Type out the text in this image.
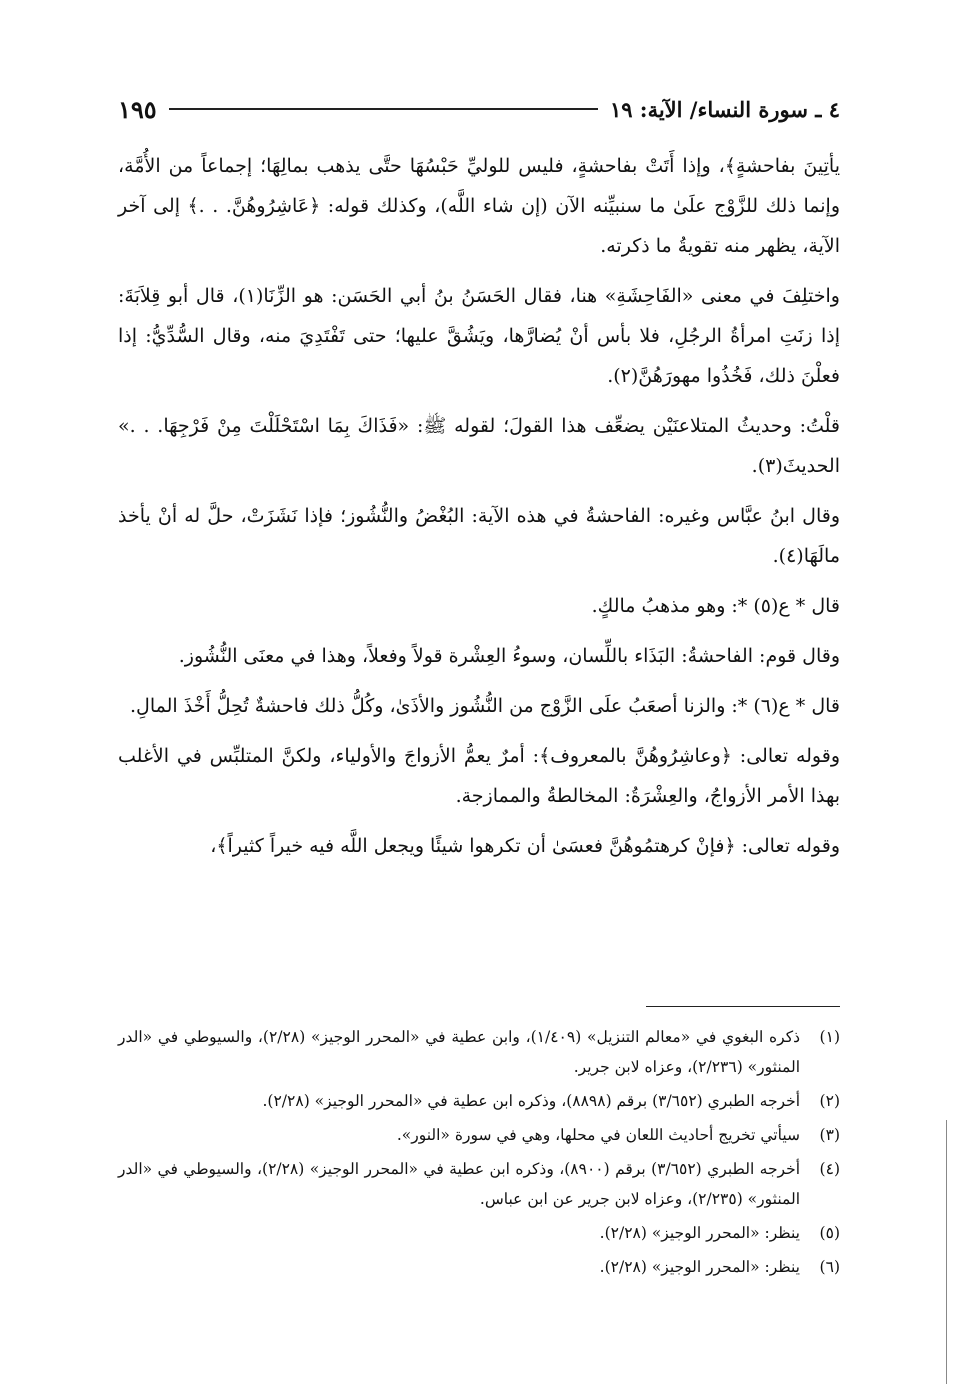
١٩٥	٤ ـ سورة النساء/ الآية: ١٩

يأتِينَ بفاحشةٍ﴾، وإذا أَتَتْ بفاحشةٍ، فليس للوليِّ حَبْسُهَا حتَّى يذهب بمالِهَا؛ إجماعاً من الأُمَّة، وإنما ذلك للزَّوْج علَىٰ ما سنبيِّنه الآن (إن شاء اللَّه)، وكذلك قوله: ﴿عَاشِرُوهُنَّ. . .﴾ إلى آخر الآية، يظهر منه تقويةُ ما ذكرته.

واختلِفَ في معنى «الفَاحِشَةِ» هنا، فقال الحَسَنُ بنُ أبي الحَسَن: هو الزِّنَا(١)، قال أبو قِلاَبَةَ: إذا زنَتِ امرأةُ الرجُلِ، فلا بأس أنْ يُضارَّها، ويَشُقَّ عليها؛ حتى تَفْتَدِيَ منه، وقال السُّدِّيُّ: إذا فعلْنَ ذلك، فَخُذُوا مهورَهُنَّ(٢).

قلْتُ: وحديثُ المتلاعنَيْن يضعِّف هذا القولَ؛ لقوله ﷺ: «فَذَاكَ بِمَا اسْتَحْلَلْتَ مِنْ فَرْجِهَا. . .» الحديثَ(٣).

وقال ابنُ عبَّاس وغيره: الفاحشةُ في هذه الآية: البُغْضُ والنُّشُوز؛ فإذا نَشَزَتْ، حلَّ له أنْ يأخذ مالَهَا(٤).

قال * ع(٥) *: وهو مذهبُ مالكٍ.

وقال قوم: الفاحشةُ: البَذَاء باللِّسان، وسوءُ العِشْرة قولاً وفعلاً، وهذا في معنَى النُّشُوز.

قال * ع(٦) *: والزنا أصعَبُ علَى الزَّوْج من النُّشُوز والأذَىٰ، وكُلُّ ذلك فاحشةٌ تُحِلُّ أَخْذَ المالِ.

وقوله تعالى: ﴿وعاشِرُوهُنَّ بالمعروف﴾: أمرٌ يعمُّ الأزواجَ والأولياء، ولكنَّ المتلبِّس في الأغلب بهذا الأمر الأزواجُ، والعِشْرَةُ: المخالطةُ والممازجة.

وقوله تعالى: ﴿فإنْ كرهتمُوهُنَّ فعسَىٰ أن تكرهوا شيئًا ويجعل اللَّه فيه خيراً كثيراً﴾،

(١)
ذكره البغوي في «معالم التنزيل» (١/٤٠٩)، وابن عطية في «المحرر الوجيز» (٢/٢٨)، والسيوطي في «الدر المنثور» (٢/٢٣٦)، وعزاه لابن جرير.
(٢)
أخرجه الطبري (٣/٦٥٢) برقم (٨٨٩٨)، وذكره ابن عطية في «المحرر الوجيز» (٢/٢٨).
(٣)
سيأتي تخريج أحاديث اللعان في محلها، وهي في سورة «النور».
(٤)
أخرجه الطبري (٣/٦٥٢) برقم (٨٩٠٠)، وذكره ابن عطية في «المحرر الوجيز» (٢/٢٨)، والسيوطي في «الدر المنثور» (٢/٢٣٥)، وعزاه لابن جرير عن ابن عباس.
(٥)
ينظر: «المحرر الوجيز» (٢/٢٨).
(٦)
ينظر: «المحرر الوجيز» (٢/٢٨).
